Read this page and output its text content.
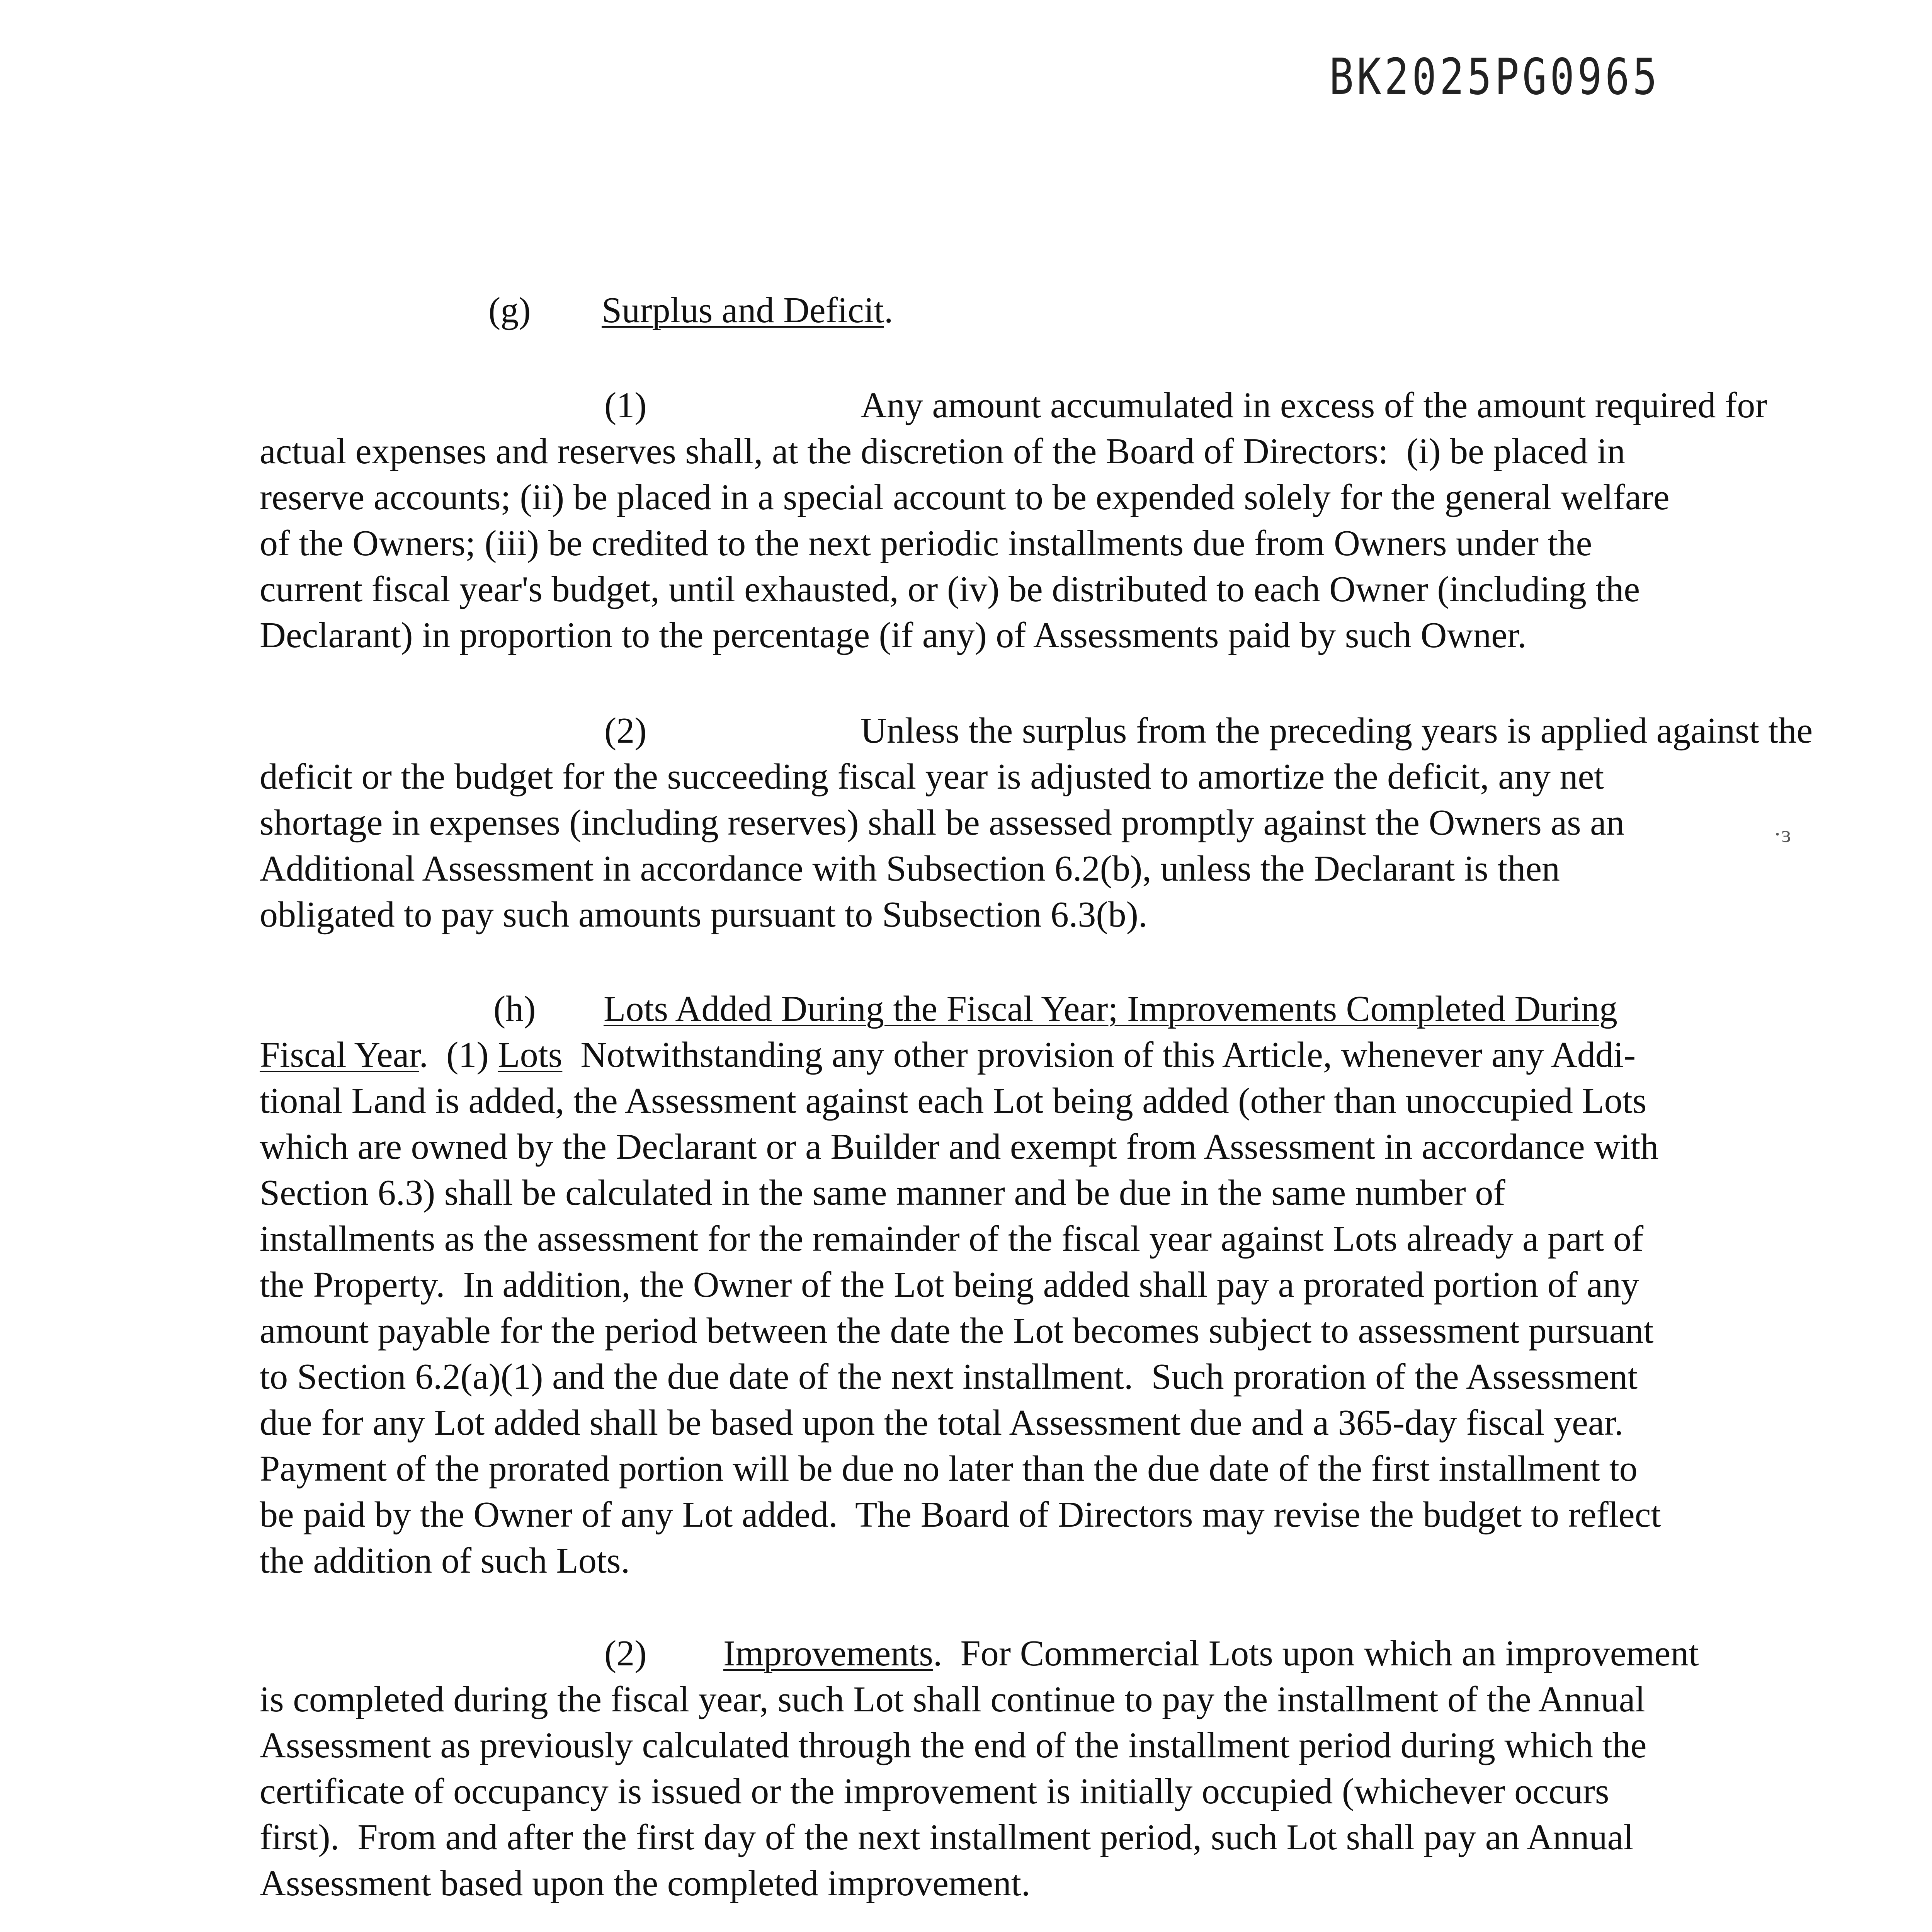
BK2025PG0965
(g) Surplus and Deficit.
(1)	Any amount accumulated in excess of the amount required for
actual expenses and reserves shall, at the discretion of the Board of Directors:  (i) be placed in
reserve accounts; (ii) be placed in a special account to be expended solely for the general welfare
of the Owners; (iii) be credited to the next periodic installments due from Owners under the
current fiscal year's budget, until exhausted, or (iv) be distributed to each Owner (including the
Declarant) in proportion to the percentage (if any) of Assessments paid by such Owner.
(2)	Unless the surplus from the preceding years is applied against the
deficit or the budget for the succeeding fiscal year is adjusted to amortize the deficit, any net
shortage in expenses (including reserves) shall be assessed promptly against the Owners as an
Additional Assessment in accordance with Subsection 6.2(b), unless the Declarant is then
obligated to pay such amounts pursuant to Subsection 6.3(b).
·ɜ
(h) Lots Added During the Fiscal Year; Improvements Completed During
Fiscal Year.  (1) Lots Notwithstanding any other provision of this Article, whenever any Addi-
tional Land is added, the Assessment against each Lot being added (other than unoccupied Lots
which are owned by the Declarant or a Builder and exempt from Assessment in accordance with
Section 6.3) shall be calculated in the same manner and be due in the same number of
installments as the assessment for the remainder of the fiscal year against Lots already a part of
the Property.  In addition, the Owner of the Lot being added shall pay a prorated portion of any
amount payable for the period between the date the Lot becomes subject to assessment pursuant
to Section 6.2(a)(1) and the due date of the next installment.  Such proration of the Assessment
due for any Lot added shall be based upon the total Assessment due and a 365-day fiscal year.
Payment of the prorated portion will be due no later than the due date of the first installment to
be paid by the Owner of any Lot added.  The Board of Directors may revise the budget to reflect
the addition of such Lots.
(2) Improvements.  For Commercial Lots upon which an improvement
is completed during the fiscal year, such Lot shall continue to pay the installment of the Annual
Assessment as previously calculated through the end of the installment period during which the
certificate of occupancy is issued or the improvement is initially occupied (whichever occurs
first).  From and after the first day of the next installment period, such Lot shall pay an Annual
Assessment based upon the completed improvement.
